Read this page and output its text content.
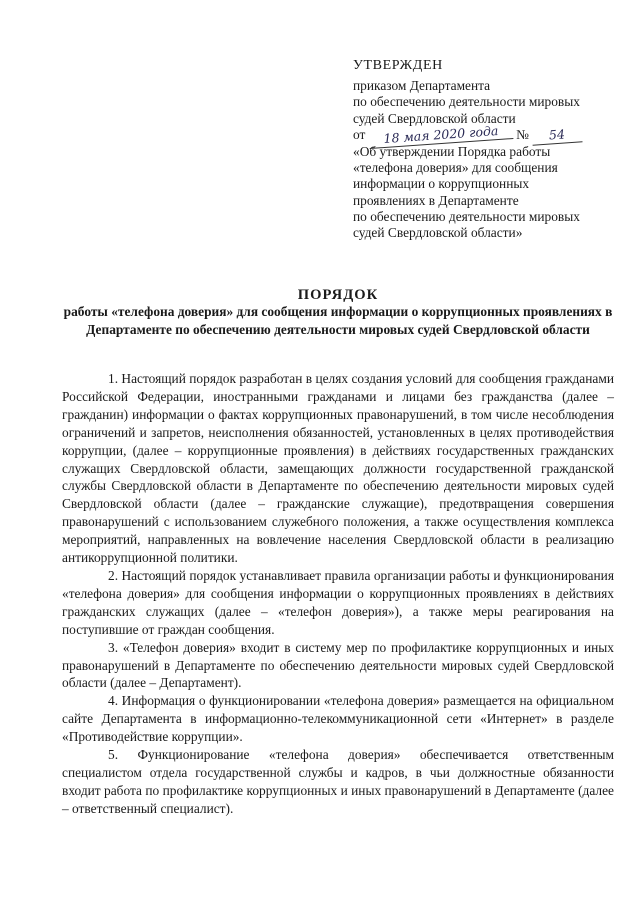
УТВЕРЖДЕН
приказом Департамента
по обеспечению деятельности мировых
судей Свердловской области
от 18 мая 2020 года № 54
«Об утверждении Порядка работы
«телефона доверия» для сообщения
информации о коррупционных
проявлениях в Департаменте
по обеспечению деятельности мировых
судей Свердловской области»
ПОРЯДОК
работы «телефона доверия» для сообщения информации о коррупционных проявлениях в Департаменте по обеспечению деятельности мировых судей Свердловской области

1. Настоящий порядок разработан в целях создания условий для сообщения гражданами Российской Федерации, иностранными гражданами и лицами без гражданства (далее – гражданин) информации о фактах коррупционных правонарушений, в том числе несоблюдения ограничений и запретов, неисполнения обязанностей, установленных в целях противодействия коррупции, (далее – коррупционные проявления) в действиях государственных гражданских служащих Свердловской области, замещающих должности государственной гражданской службы Свердловской области в Департаменте по обеспечению деятельности мировых судей Свердловской области (далее – гражданские служащие), предотвращения совершения правонарушений с использованием служебного положения, а также осуществления комплекса мероприятий, направленных на вовлечение населения Свердловской области в реализацию антикоррупционной политики.

2. Настоящий порядок устанавливает правила организации работы и функционирования «телефона доверия» для сообщения информации о коррупционных проявлениях в действиях гражданских служащих (далее – «телефон доверия»), а также меры реагирования на поступившие от граждан сообщения.

3. «Телефон доверия» входит в систему мер по профилактике коррупционных и иных правонарушений в Департаменте по обеспечению деятельности мировых судей Свердловской области (далее – Департамент).

4. Информация о функционировании «телефона доверия» размещается на официальном сайте Департамента в информационно-телекоммуникационной сети «Интернет» в разделе «Противодействие коррупции».

5. Функционирование «телефона доверия» обеспечивается ответственным специалистом отдела государственной службы и кадров, в чьи должностные обязанности входит работа по профилактике коррупционных и иных правонарушений в Департаменте (далее – ответственный специалист).
